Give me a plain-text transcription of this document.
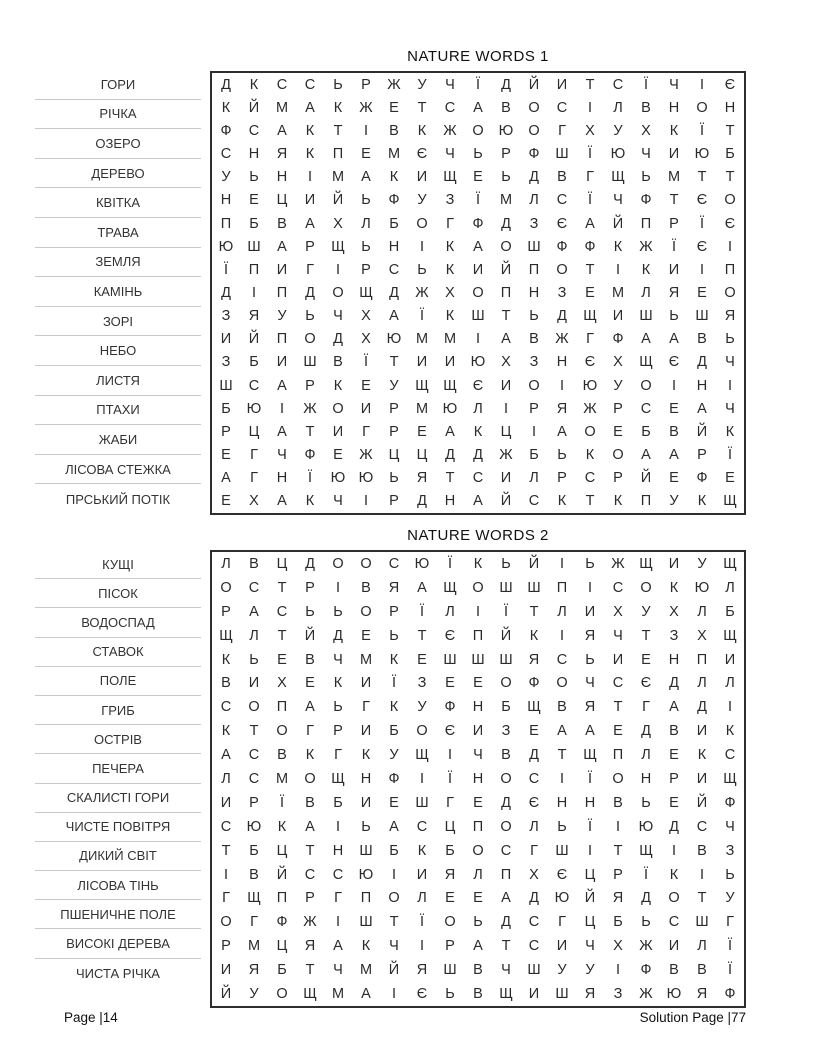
NATURE WORDS 1
ГОРИ
РІЧКА
ОЗЕРО
ДЕРЕВО
КВІТКА
ТРАВА
ЗЕМЛЯ
КАМІНЬ
ЗОРІ
НЕБО
ЛИСТЯ
ПТАХИ
ЖАБИ
ЛІСОВА СТЕЖКА
ПРСЬКИЙ ПОТІК
Д	К	С	С	Ь	Р	Ж	У	Ч	Ї	Д	Й	И	Т	С	Ї	Ч	І	Є
К	Й	М	А	К	Ж	Е	Т	С	А	В	О	С	І	Л	В	Н	О	Н
Ф	С	А	К	Т	І	В	К	Ж	О	Ю	О	Г	Х	У	Х	К	Ї	Т
С	Н	Я	К	П	Е	М	Є	Ч	Ь	Р	Ф	Ш	Ї	Ю	Ч	И	Ю	Б
У	Ь	Н	І	М	А	К	И	Щ	Е	Ь	Д	В	Г	Щ	Ь	М	Т	Т
Н	Е	Ц	И	Й	Ь	Ф	У	З	Ї	М	Л	С	Ї	Ч	Ф	Т	Є	О
П	Б	В	А	Х	Л	Б	О	Г	Ф	Д	З	Є	А	Й	П	Р	Ї	Є
Ю Ш	А	Р	Щ	Ь	Н	І	К	А	О	Ш	Ф	Ф	К	Ж	Ї	Є	І
Ї	П	И	Г	І	Р	С	Ь	К	И	Й	П	О	Т	І	К	И	І	П
Д	І	П	Д	О	Щ	Д	Ж	Х	О	П	Н	З	Е	М	Л	Я	Е	О
З	Я	У	Ь	Ч	Х	А	Ї	К	Ш	Т	Ь	Д	Щ	И	Ш	Ь	Ш	Я
И	Й	П	О	Д	Х	Ю	М	М	І	А	В	Ж	Г	Ф	А	А	В	Ь
З	Б	И	Ш	В	Ї	Т	И	И	Ю	Х	З	Н	Є	Х	Щ	Є	Д	Ч
Ш	С	А	Р	К	Е	У	Щ Щ	Є	И	О	І	Ю	У	О	І	Н	І
Б	Ю	І	Ж	О	И	Р	М	Ю	Л	І	Р	Я	Ж	Р	С	Е	А	Ч
Р	Ц	А	Т	И	Г	Р	Е	А	К	Ц	І	А	О	Е	Б	В	Й	К
Е	Г	Ч	Ф	Е	Ж	Ц	Ц	Д	Д	Ж	Б	Ь	К	О	А	А	Р	Ї
А	Г	Н	Ї	Ю Ю	Ь	Я	Т	С	И	Л	Р	С	Р	Й	Е	Ф	Е
Е	Х	А	К	Ч	І	Р	Д	Н	А	Й	С	К	Т	К	П	У	К	Щ
NATURE WORDS 2
КУЩІ
ПІСОК
ВОДОСПАД
СТАВОК
ПОЛЕ
ГРИБ
ОСТРІВ
ПЕЧЕРА
СКАЛИСТІ ГОРИ
ЧИСТЕ ПОВІТРЯ
ДИКИЙ СВІТ
ЛІСОВА ТІНЬ
ПШЕНИЧНЕ ПОЛЕ
ВИСОКІ ДЕРЕВА
ЧИСТА РІЧКА
Л	В	Ц	Д	О	О	С	Ю	Ї	К	Ь	Й	І	Ь	Ж	Щ	И	У	Щ
О	С	Т	Р	І	В	Я	А	Щ	О	Ш	Ш	П	І	С	О	К	Ю	Л
Р	А	С	Ь	Ь	О	Р	Ї	Л	І	Ї	Т	Л	И	Х	У	Х	Л	Б
Щ	Л	Т	Й	Д	Е	Ь	Т	Є	П	Й	К	І	Я	Ч	Т	З	Х	Щ
К	Ь	Е	В	Ч	М	К	Е	Ш	Ш	Ш	Я	С	Ь	И	Е	Н	П	И
В	И	Х	Е	К	И	Ї	З	Е	Е	О	Ф	О	Ч	С	Є	Д	Л	Л
С	О	П	А	Ь	Г	К	У	Ф	Н	Б	Щ	В	Я	Т	Г	А	Д	І
К	Т	О	Г	Р	И	Б	О	Є	И	З	Е	А	А	Е	Д	В	И	К
А	С	В	К	Г	К	У	Щ	І	Ч	В	Д	Т	Щ	П	Л	Е	К	С
Л	С	М	О	Щ	Н	Ф	І	Ї	Н	О	С	І	Ї	О	Н	Р	И	Щ
И	Р	Ї	В	Б	И	Е	Ш	Г	Е	Д	Є	Н	Н	В	Ь	Е	Й	Ф
С	Ю	К	А	І	Ь	А	С	Ц	П	О	Л	Ь	Ї	І	Ю	Д	С	Ч
Т	Б	Ц	Т	Н	Ш	Б	К	Б	О	С	Г	Ш	І	Т	Щ	І	В	З
І	В	Й	С	С	Ю	І	И	Я	Л	П	Х	Є	Ц	Р	Ї	К	І	Ь
Г	Щ	П	Р	Г	П	О	Л	Е	Е	А	Д	Ю	Й	Я	Д	О	Т	У
О	Г	Ф	Ж	І	Ш	Т	Ї	О	Ь	Д	С	Г	Ц	Б	Ь	С	Ш	Г
Р	М	Ц	Я	А	К	Ч	І	Р	А	Т	С	И	Ч	Х	Ж	И	Л	Ї
И	Я	Б	Т	Ч	М	Й	Я	Ш	В	Ч	Ш	У	У	І	Ф	В	В	Ї
Й	У	О	Щ	М	А	І	Є	Ь	В	Щ	И	Ш	Я	З	Ж Ю	Я	Ф
Page |14	Solution Page |77
